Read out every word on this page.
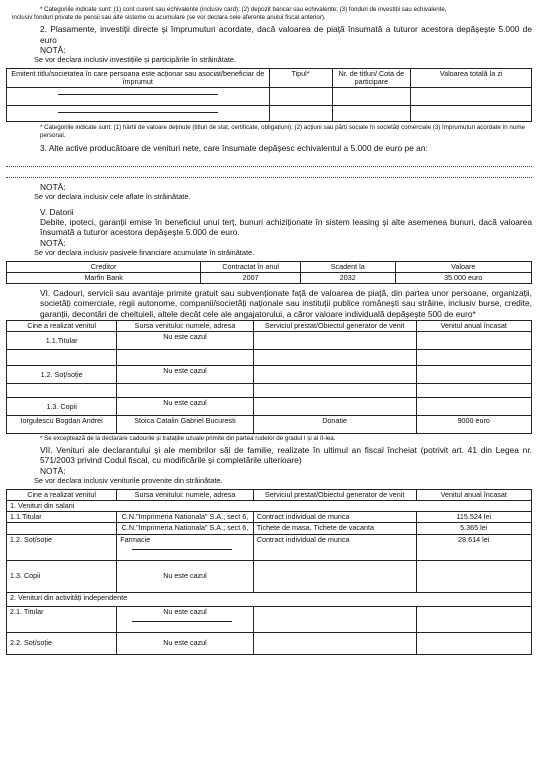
* Categoriile indicate sunt: (1) cont curent sau echivalente (inclusiv card); (2) depozit bancar sau echivalente; (3) fonduri de investiții sau echivalente,
inclusiv fonduri private de pensii sau alte sisteme cu acumulare (se vor declara cele aferente anului fiscal anterior).
2. Plasamente, investiții directe și împrumuturi acordate, dacă valoarea de piață însumată a tuturor acestora depășește 5.000 de euro
NOTĂ:
Se vor declara inclusiv investițiile și participările în străinătate.
Emitent titlu/societatea în care persoana este acționar sau asociat/beneficiar de împrumut	Tipul*	Nr. de titluri/ Cota de participare	Valoarea totală la zi

* Categoriile indicate sunt: (1) hârtii de valoare deținute (titluri de stat, certificate, obligațiuni); (2) acțiuni sau părți sociale în societăți comerciale (3) împrumuturi acordate în nume personal.
3. Alte active producătoare de venituri nete, care însumate depășesc echivalentul a 5.000 de euro pe an:
NOTĂ:
Se vor declara inclusiv cele aflate în străinătate.
V. Datorii
Debite, ipoteci, garanții emise în beneficiul unui terț, bunuri achiziționate în sistem leasing și alte asemenea bunuri, dacă valoarea însumată a tuturor acestora depășește 5.000 de euro.
NOTĂ:
Se vor declara inclusiv pasivele financiare acumulate în străinătate.
Creditor	Contractat în anul	Scadent la	Valoare
Marfin Bank	2007	2032	35.000 euro
VI. Cadouri, servicii sau avantaje primite gratuit sau subvenționate față de valoarea de piață, din partea unor persoane, organizații, societăți comerciale, regii autonome, companii/societăți naționale sau instituții publice românești sau străine, inclusiv burse, credite, garanții, decontări de cheltuieli, altele decât cele ale angajatorului, a căror valoare individuală depășește 500 de euro*
Cine a realizat venitul	Sursa venitului: numele, adresa	Serviciul prestat/Obiectul generator de venit	Venitul anual încasat
1.1.Titular	Nu este cazul		

1.2. Soț/soție	Nu este cazul		

1.3. Copii	Nu este cazul		
Iorgulescu Bogdan Andrei	Stoica Catalin Gabriel Bucuresti	Donatie	9000 euro
* Se exceptează de la declarare cadourile și tratațiile uzuale primite din partea rudelor de gradul I și al II-lea.
VII. Venituri ale declarantului și ale membrilor săi de familie, realizate în ultimul an fiscal încheiat (potrivit art. 41 din Legea nr. 571/2003 privind Codul fiscal, cu modificările și completările ulterioare)
NOTĂ:
Se vor declara inclusiv veniturile provenite din străinătate.
Cine a realizat venitul	Sursa venitului: numele, adresa	Serviciul prestat/Obiectul generator de venit	Venitul anual încasat
1. Venituri din salarii			
1.1.Titular	C.N."Imprimeria Nationala" S.A.; sect 6,	Contract individual de munca	115.524 lei
	C.N."Imprimeria Nationala" S.A.; sect 6,	Tichete de masa, Tichete de vacanta	5.365 lei
1.2. Soț/soție	Farmacie	Contract individual de munca	28.614 lei
1.3. Copii	Nu este cazul		
2. Venituri din activități independente			
2.1. Titular	Nu este cazul		

2.2. Soț/soție	Nu este cazul		
